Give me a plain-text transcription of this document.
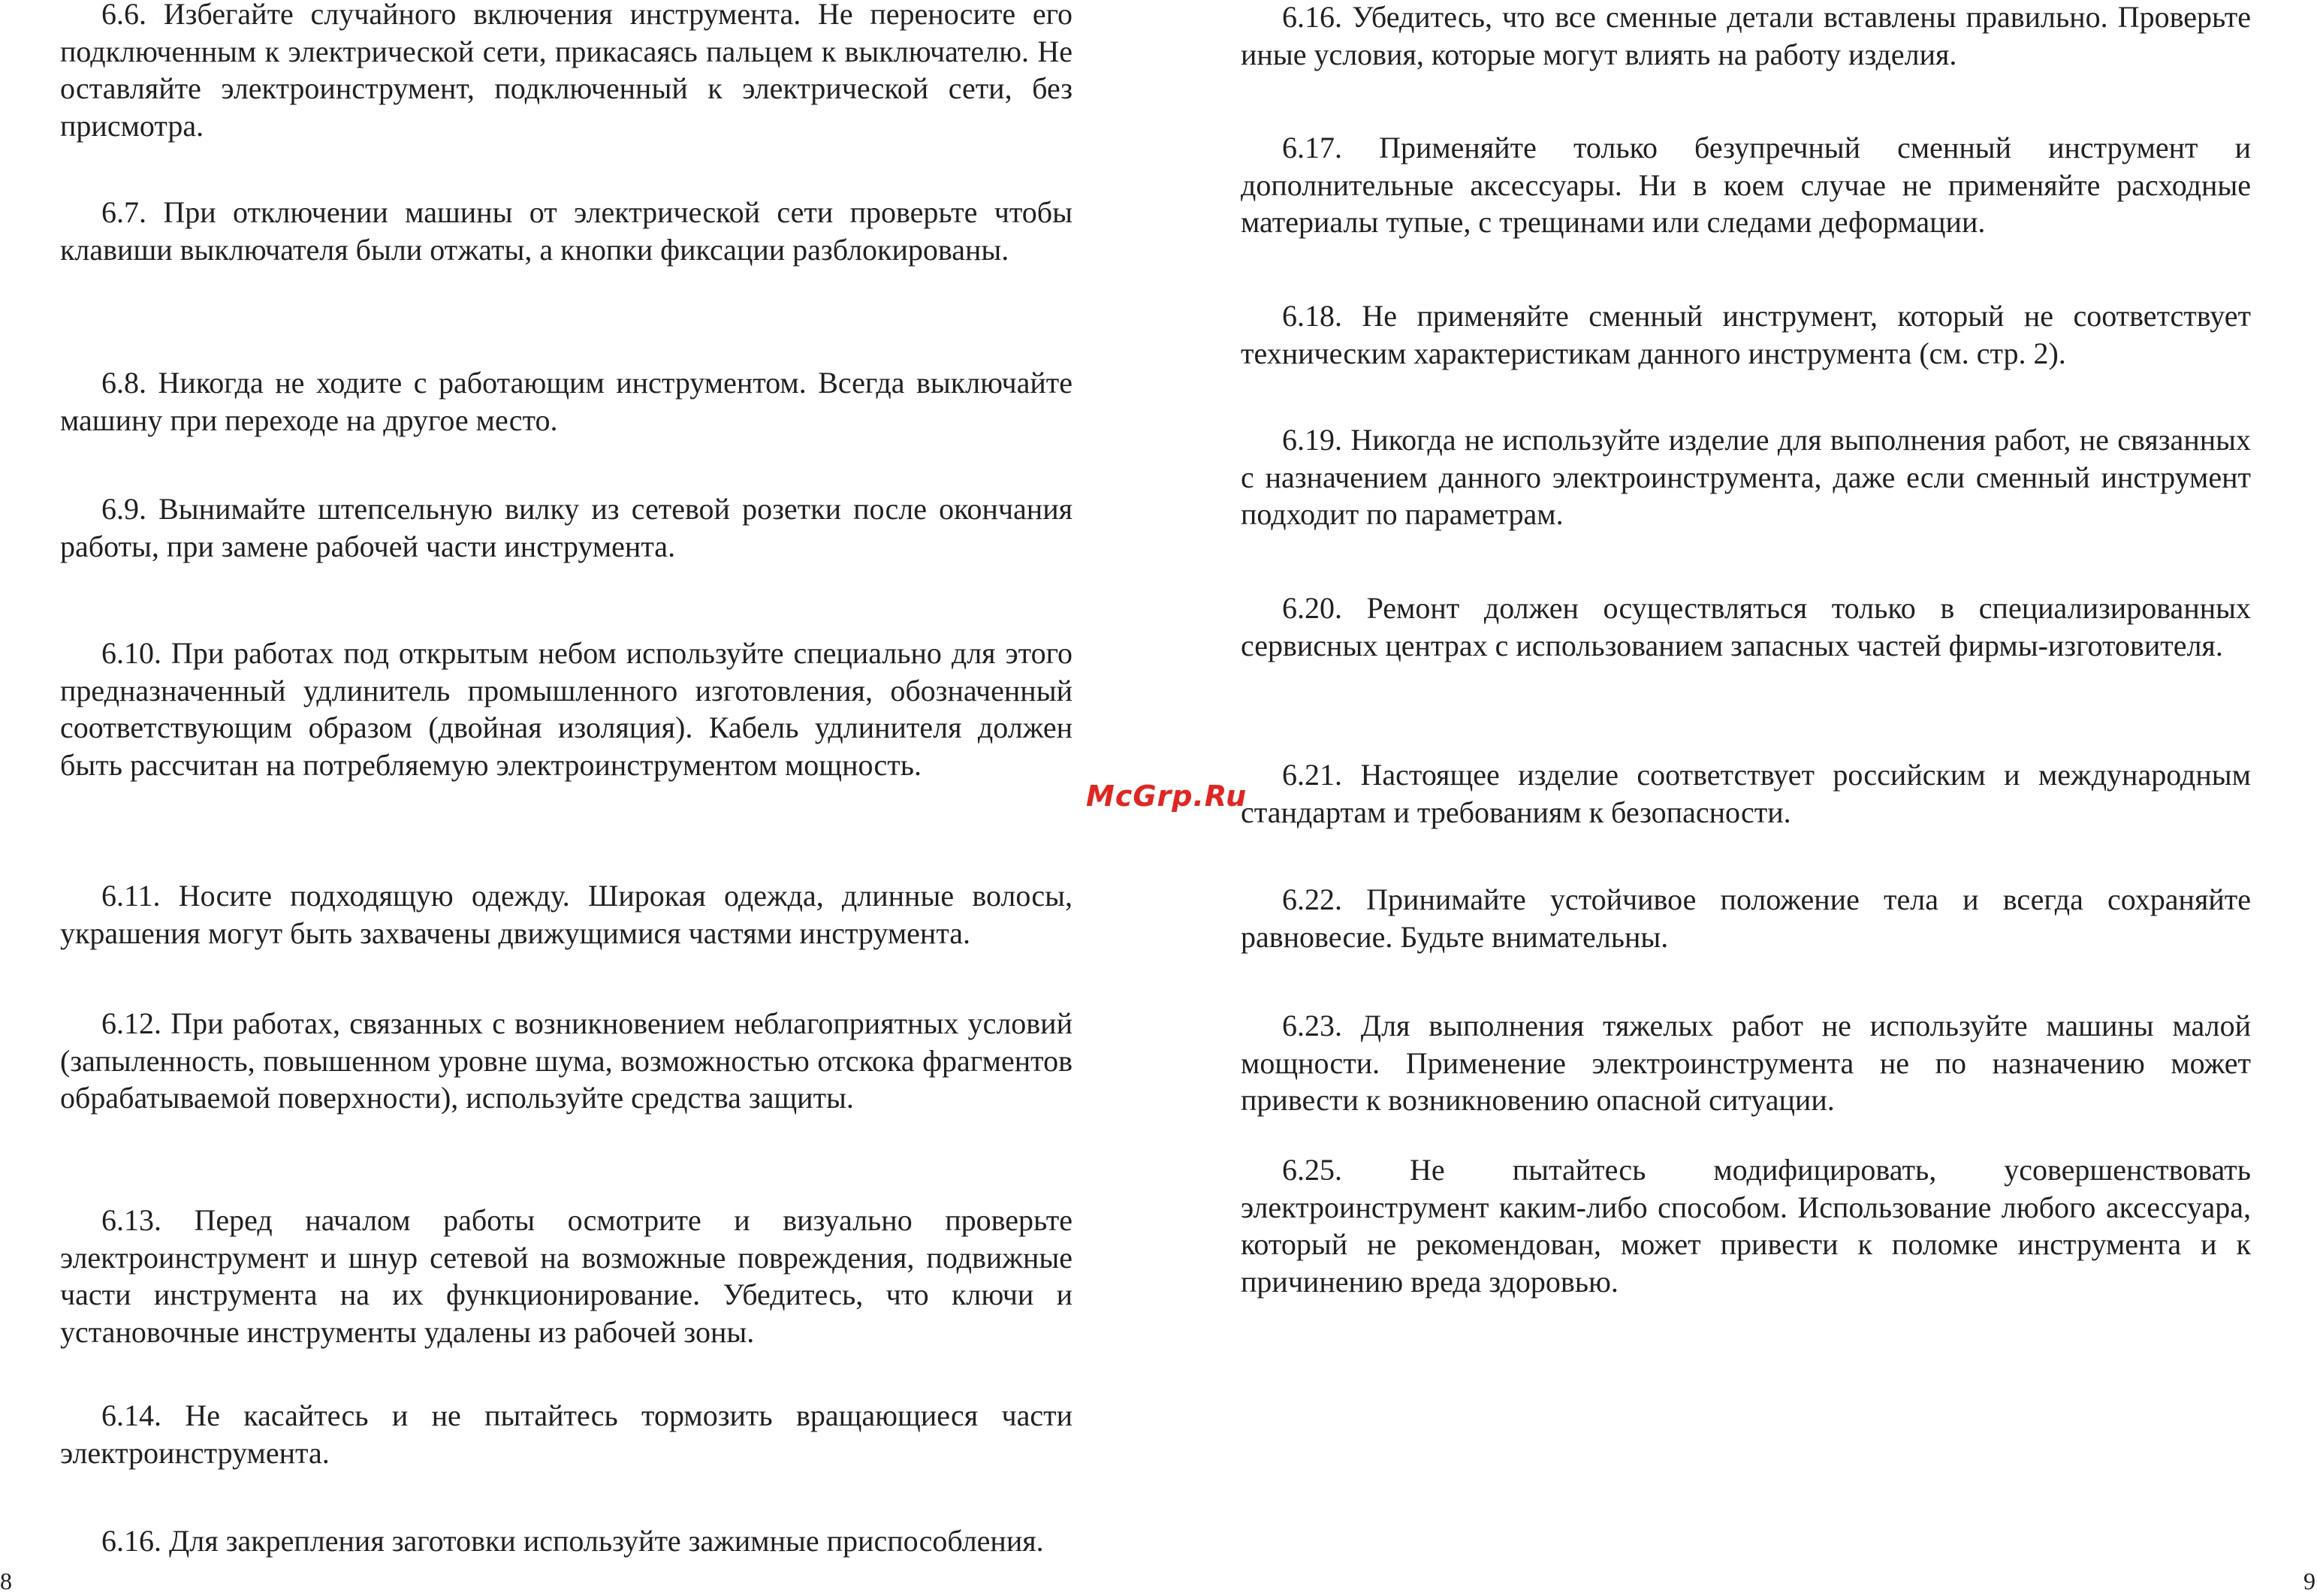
6.6. Избегайте случайного включения инструмента. Не переносите его подключенным к электрической сети, прикасаясь пальцем к выключателю. Не оставляйте электроинструмент, подключенный к электрической сети, без присмотра.

6.7. При отключении машины от электрической сети проверьте чтобы клавиши выключателя были отжаты, а кнопки фиксации разблокированы.

6.8. Никогда не ходите с работающим инструментом. Всегда выключайте машину при переходе на другое место.

6.9. Вынимайте штепсельную вилку из сетевой розетки после окончания работы, при замене рабочей части инструмента.

6.10. При работах под открытым небом используйте специально для этого предназначенный удлинитель промышленного изготовления, обозначенный соответствующим образом (двойная изоляция). Кабель удлинителя должен быть рассчитан на потребляемую электроинструментом мощность.

6.11. Носите подходящую одежду. Широкая одежда, длинные волосы, украшения могут быть захвачены движущимися частями инструмента.

6.12. При работах, связанных с возникновением неблагоприятных условий (запыленность, повышенном уровне шума, возможностью отскока фрагментов обрабатываемой поверхности), используйте средства защиты.

6.13. Перед началом работы осмотрите и визуально проверьте электроинструмент и шнур сетевой на возможные повреждения, подвижные части инструмента на их функционирование. Убедитесь, что ключи и установочные инструменты удалены из рабочей зоны.

6.14. Не касайтесь и не пытайтесь тормозить вращающиеся части электроинструмента.

6.16. Для закрепления заготовки используйте зажимные приспособления.

8

6.16. Убедитесь, что все сменные детали вставлены правильно. Проверьте иные условия, которые могут влиять на работу изделия.

6.17. Применяйте только безупречный сменный инструмент и дополнительные аксессуары. Ни в коем случае не применяйте расходные материалы тупые, с трещинами или следами деформации.

6.18. Не применяйте сменный инструмент, который не соответствует техническим характеристикам данного инструмента (см. стр. 2).

6.19. Никогда не используйте изделие для выполнения работ, не связанных с назначением данного электроинструмента, даже если сменный инструмент подходит по параметрам.

6.20. Ремонт должен осуществляться только в специализированных сервисных центрах с использованием запасных частей фирмы-изготовителя.

6.21. Настоящее изделие соответствует российским и международным стандартам и требованиям к безопасности.

6.22. Принимайте устойчивое положение тела и всегда сохраняйте равновесие. Будьте внимательны.

6.23. Для выполнения тяжелых работ не используйте машины малой мощности. Применение электроинструмента не по назначению может привести к возникновению опасной ситуации.

6.25. Не пытайтесь модифицировать, усовершенствовать электроинструмент каким-либо способом. Использование любого аксессуара, который не рекомендован, может привести к поломке инструмента и к причинению вреда здоровью.

9
McGrp.Ru
